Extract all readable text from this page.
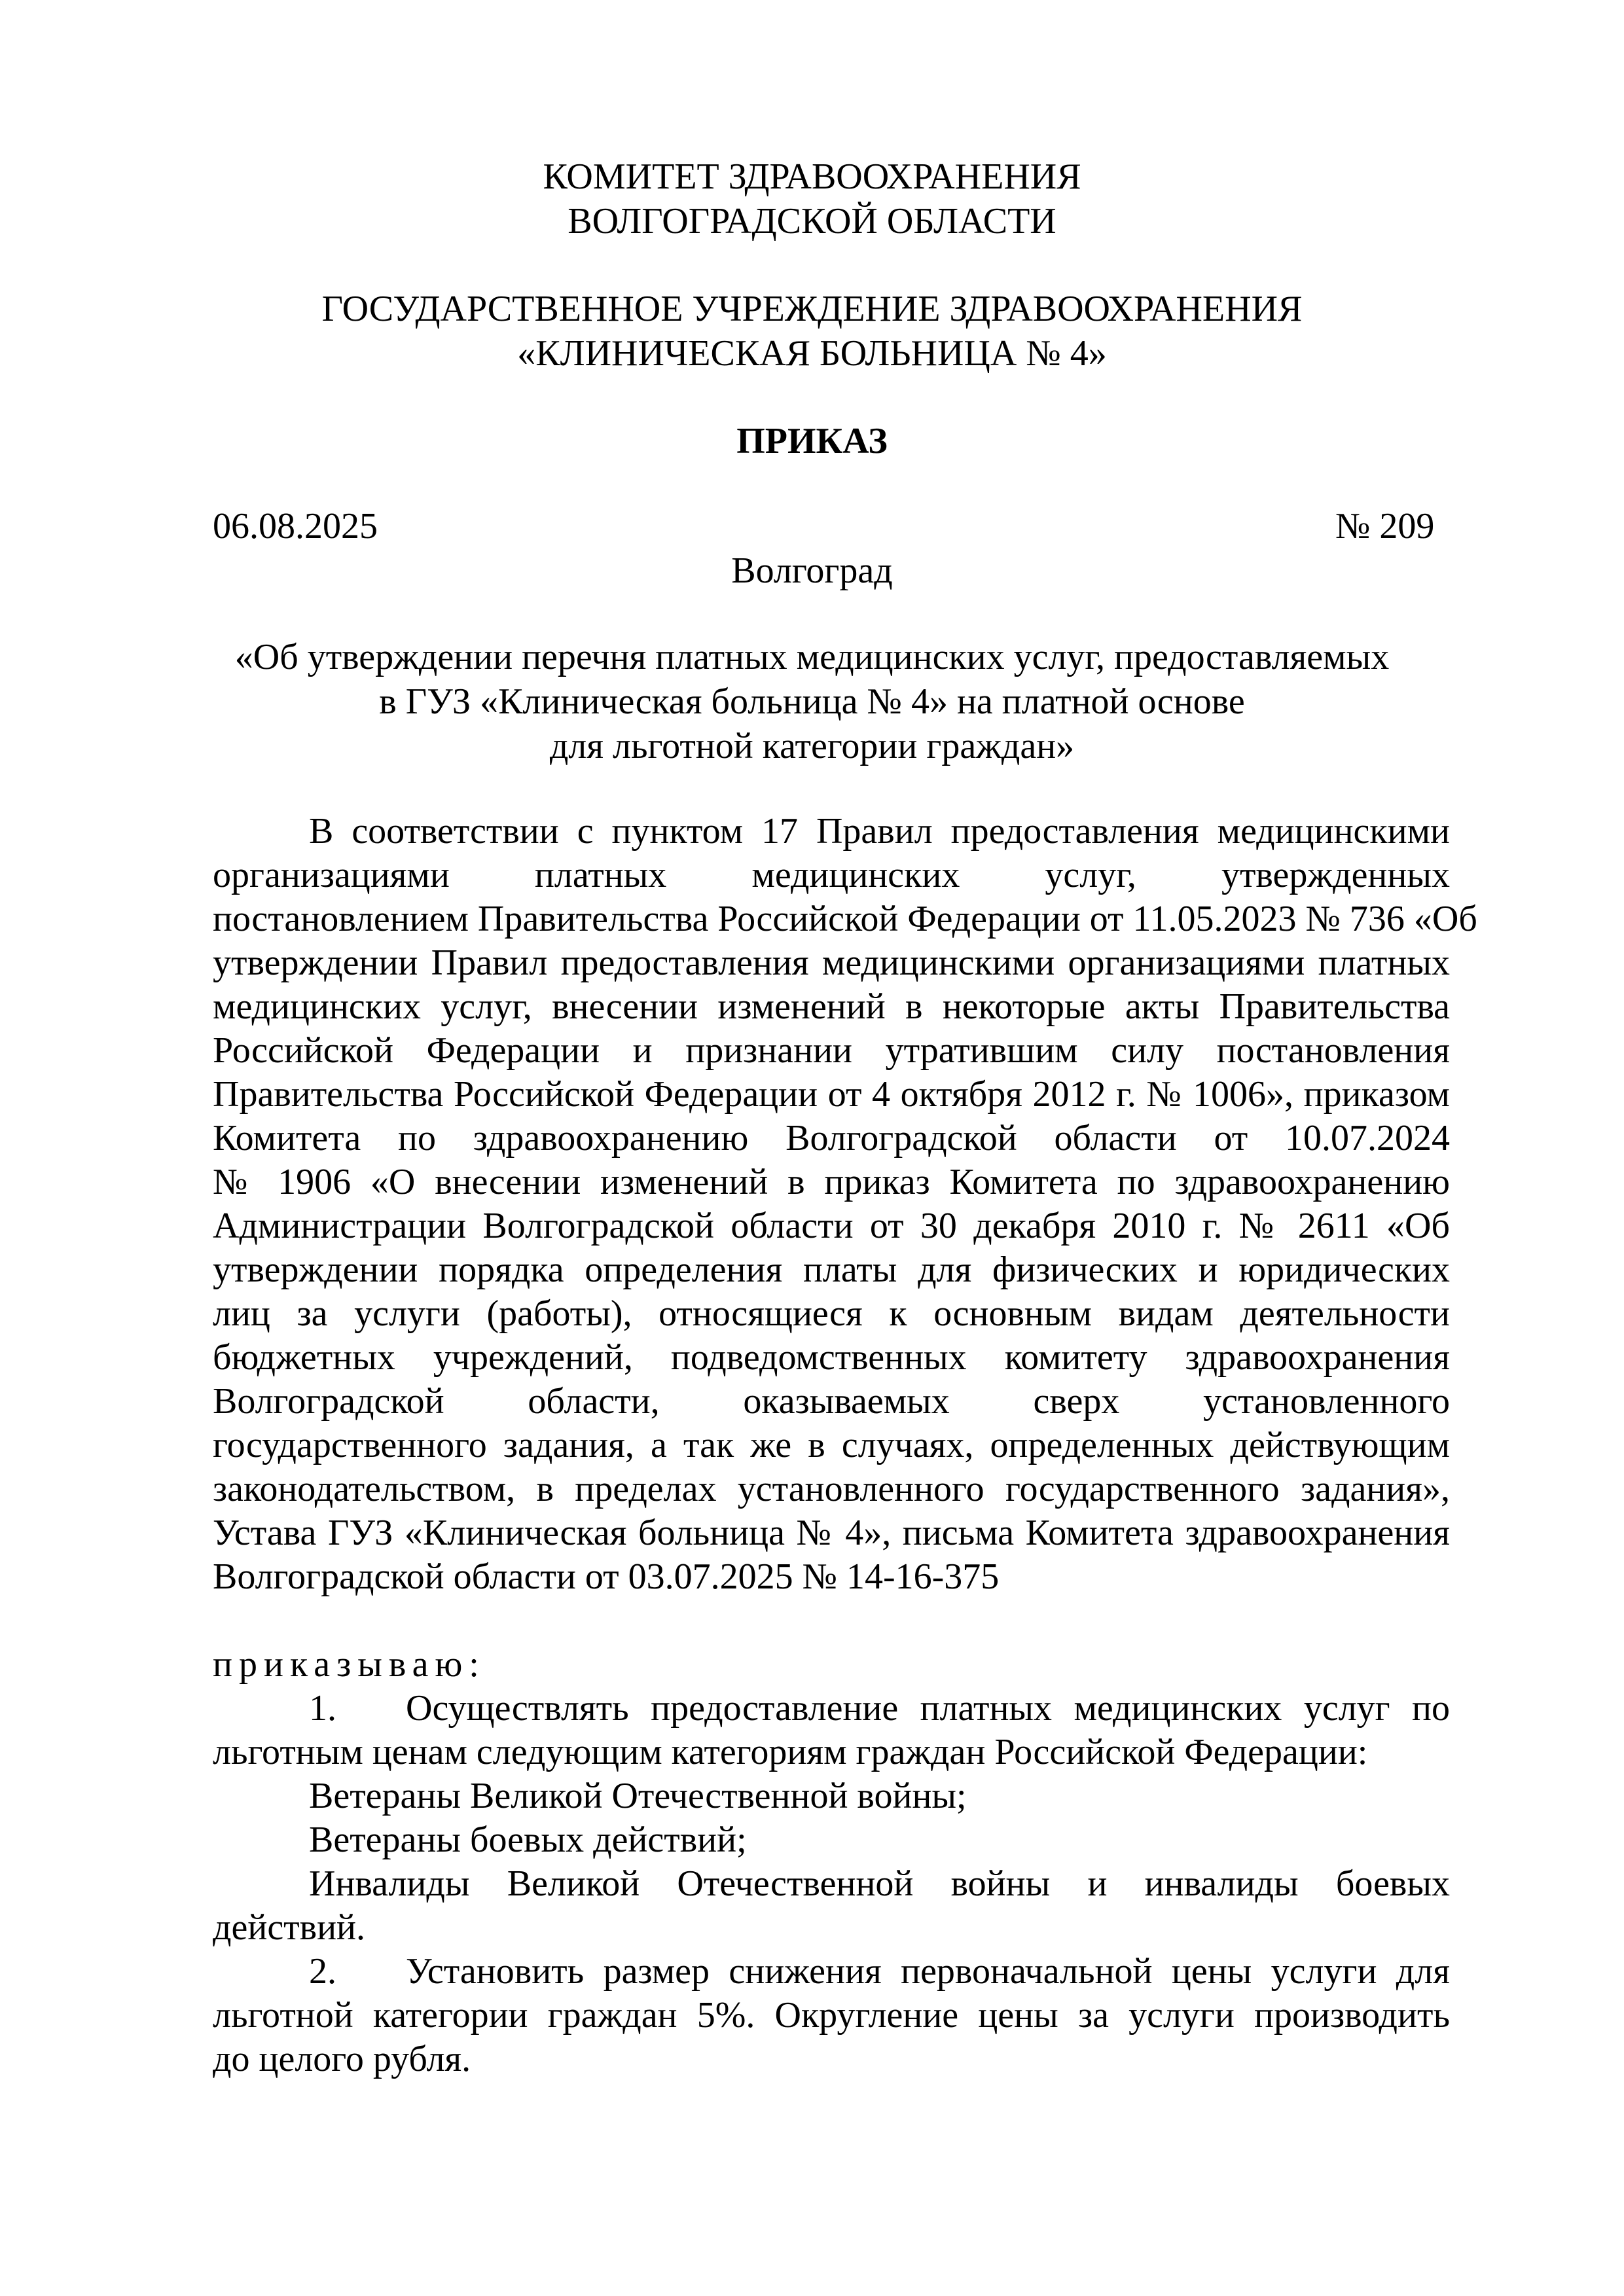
КОМИТЕТ ЗДРАВООХРАНЕНИЯ
ВОЛГОГРАДСКОЙ ОБЛАСТИ
ГОСУДАРСТВЕННОЕ УЧРЕЖДЕНИЕ ЗДРАВООХРАНЕНИЯ
«КЛИНИЧЕСКАЯ БОЛЬНИЦА № 4»
ПРИКАЗ
06.08.2025	№ 209
Волгоград
«Об утверждении перечня платных медицинских услуг, предоставляемых
в ГУЗ «Клиническая больница № 4» на платной основе
для льготной категории граждан»
В соответствии с пунктом 17 Правил предоставления медицинскими
организациями платных медицинских услуг, утвержденных
постановлением Правительства Российской Федерации от 11.05.2023 № 736 «Об
утверждении Правил предоставления медицинскими организациями платных
медицинских услуг, внесении изменений в некоторые акты Правительства
Российской Федерации и признании утратившим силу постановления
Правительства Российской Федерации от 4 октября 2012 г. № 1006», приказом
Комитета по здравоохранению Волгоградской области от 10.07.2024
№ 1906 «О внесении изменений в приказ Комитета по здравоохранению
Администрации Волгоградской области от 30 декабря 2010 г. № 2611 «Об
утверждении порядка определения платы для физических и юридических
лиц за услуги (работы), относящиеся к основным видам деятельности
бюджетных учреждений, подведомственных комитету здравоохранения
Волгоградской области, оказываемых сверх установленного
государственного задания, а так же в случаях, определенных действующим
законодательством, в пределах установленного государственного задания»,
Устава ГУЗ «Клиническая больница № 4», письма Комитета здравоохранения
Волгоградской области от 03.07.2025 № 14-16-375
приказываю:
1. Осуществлять предоставление платных медицинских услуг по
льготным ценам следующим категориям граждан Российской Федерации:
Ветераны Великой Отечественной войны;
Ветераны боевых действий;
Инвалиды Великой Отечественной войны и инвалиды боевых
действий.
2. Установить размер снижения первоначальной цены услуги для
льготной категории граждан 5%. Округление цены за услуги производить
до целого рубля.
